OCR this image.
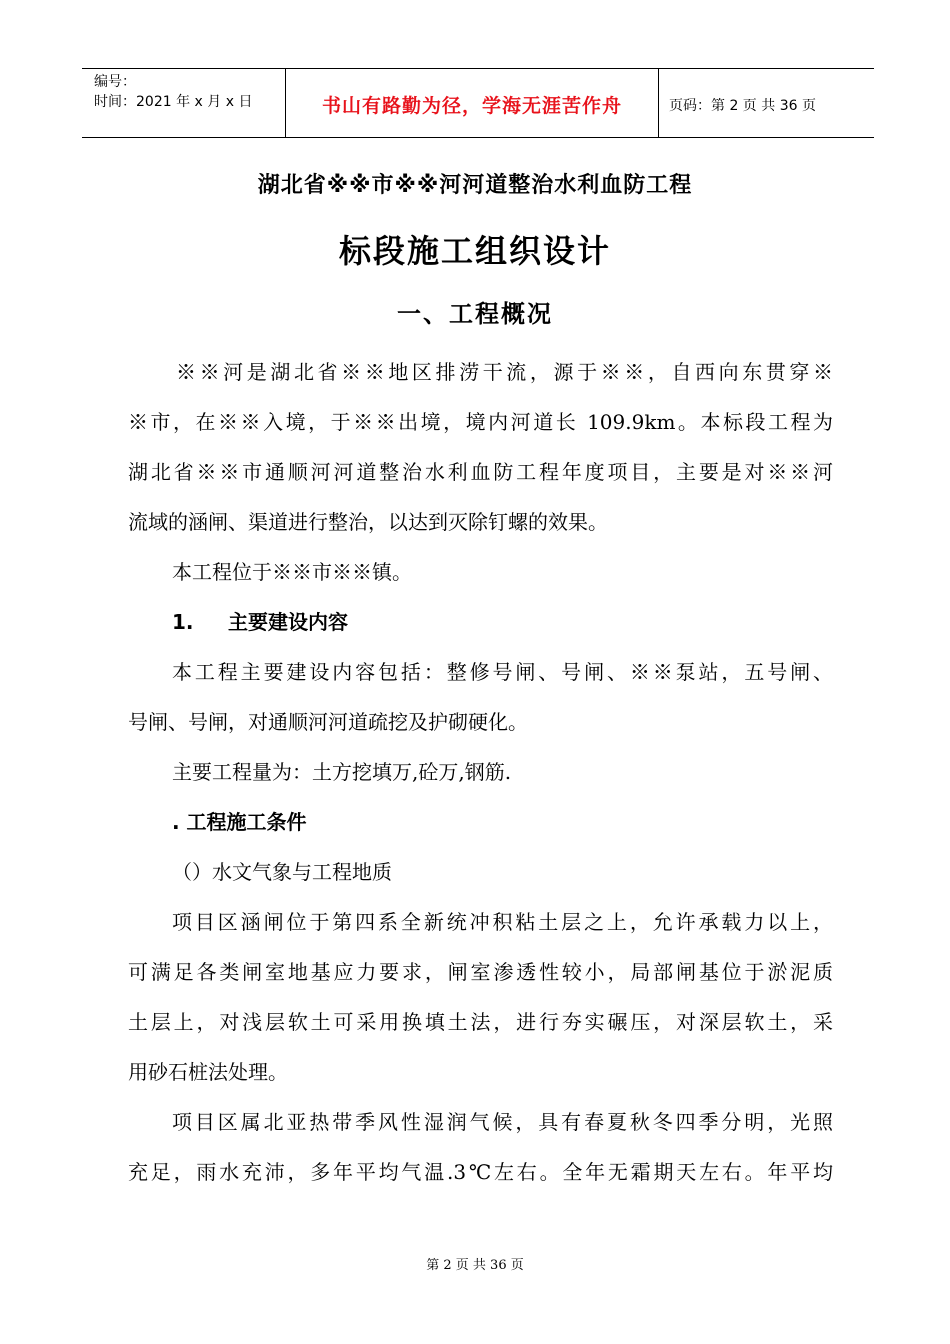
编号：
时间：2021 年 x 月 x 日	书山有路勤为径，学海无涯苦作舟	页码：第 2 页 共 36 页
湖北省※※市※※河河道整治水利血防工程
标段施工组织设计
一、工程概况
※※河是湖北省※※地区排涝干流，源于※※，自西向东贯穿※
※市，在※※入境，于※※出境，境内河道长 109.9km。本标段工程为
湖北省※※市通顺河河道整治水利血防工程年度项目，主要是对※※河
流域的涵闸、渠道进行整治，以达到灭除钉螺的效果。
本工程位于※※市※※镇。
1.	主要建设内容
本工程主要建设内容包括：整修号闸、号闸、※※泵站，五号闸、
号闸、号闸，对通顺河河道疏挖及护砌硬化。
主要工程量为：土方挖填万,砼万,钢筋.
. 工程施工条件
（）水文气象与工程地质
项目区涵闸位于第四系全新统冲积粘土层之上，允许承载力以上，
可满足各类闸室地基应力要求，闸室渗透性较小，局部闸基位于淤泥质
土层上，对浅层软土可采用换填土法，进行夯实碾压，对深层软土，采
用砂石桩法处理。
项目区属北亚热带季风性湿润气候，具有春夏秋冬四季分明，光照
充足，雨水充沛，多年平均气温.3℃左右。全年无霜期天左右。年平均
第 2 页 共 36 页
